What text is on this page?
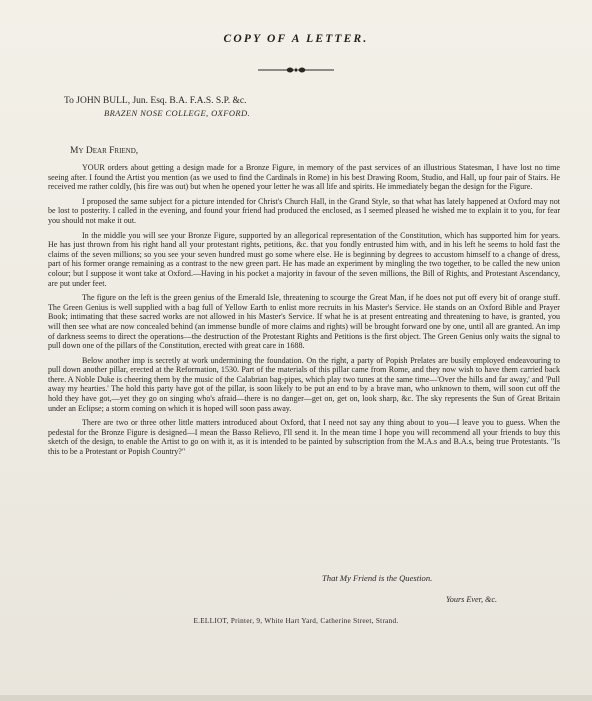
COPY OF A LETTER.
To JOHN BULL, Jun. Esq. B.A. F.A.S. S.P. &c.
BRAZEN NOSE COLLEGE, OXFORD.
My Dear Friend,

YOUR orders about getting a design made for a Bronze Figure, in memory of the past services of an illustrious Statesman, I have lost no time seeing after. I found the Artist you mention (as we used to find the Cardinals in Rome) in his best Drawing Room, Studio, and Hall, up four pair of Stairs. He received me rather coldly, (his fire was out) but when he opened your letter he was all life and spirits. He immediately began the design for the Figure.

I proposed the same subject for a picture intended for Christ's Church Hall, in the Grand Style, so that what has lately happened at Oxford may not be lost to posterity. I called in the evening, and found your friend had produced the enclosed, as I seemed pleased he wished me to explain it to you, for fear you should not make it out.

In the middle you will see your Bronze Figure, supported by an allegorical representation of the Constitution, which has supported him for years. He has just thrown from his right hand all your protestant rights, petitions, &c. that you fondly entrusted him with, and in his left he seems to hold fast the claims of the seven millions; so you see your seven hundred must go some where else. He is beginning by degrees to accustom himself to a change of dress, part of his former orange remaining as a contrast to the new green part. He has made an experiment by mingling the two together, to be called the new union colour; but I suppose it wont take at Oxford.—Having in his pocket a majority in favour of the seven millions, the Bill of Rights, and Protestant Ascendancy, are put under feet.

The figure on the left is the green genius of the Emerald Isle, threatening to scourge the Great Man, if he does not put off every bit of orange stuff. The Green Genius is well supplied with a bag full of Yellow Earth to enlist more recruits in his Master's Service. He stands on an Oxford Bible and Prayer Book; intimating that these sacred works are not allowed in his Master's Service. If what he is at present entreating and threatening to have, is granted, you will then see what are now concealed behind (an immense bundle of more claims and rights) will be brought forward one by one, until all are granted. An imp of darkness seems to direct the operations—the destruction of the Protestant Rights and Petitions is the first object. The Green Genius only waits the signal to pull down one of the pillars of the Constitution, erected with great care in 1688.

Below another imp is secretly at work undermining the foundation. On the right, a party of Popish Prelates are busily employed endeavouring to pull down another pillar, erected at the Reformation, 1530. Part of the materials of this pillar came from Rome, and they now wish to have them carried back there. A Noble Duke is cheering them by the music of the Calabrian bag-pipes, which play two tunes at the same time—'Over the hills and far away,' and 'Pull away my hearties.' The hold this party have got of the pillar, is soon likely to be put an end to by a brave man, who unknown to them, will soon cut off the hold they have got,—yet they go on singing who's afraid—there is no danger—get on, get on, look sharp, &c. The sky represents the Sun of Great Britain under an Eclipse; a storm coming on which it is hoped will soon pass away.

There are two or three other little matters introduced about Oxford, that I need not say any thing about to you—I leave you to guess. When the pedestal for the Bronze Figure is designed—I mean the Basso Relievo, I'll send it. In the mean time I hope you will recommend all your friends to buy this sketch of the design, to enable the Artist to go on with it, as it is intended to be painted by subscription from the M.A.s and B.A.s, being true Protestants. "Is this to be a Protestant or Popish Country?"

That My Friend is the Question.
Yours Ever, &c.
E.ELLIOT, Printer, 9, White Hart Yard, Catherine Street, Strand.
